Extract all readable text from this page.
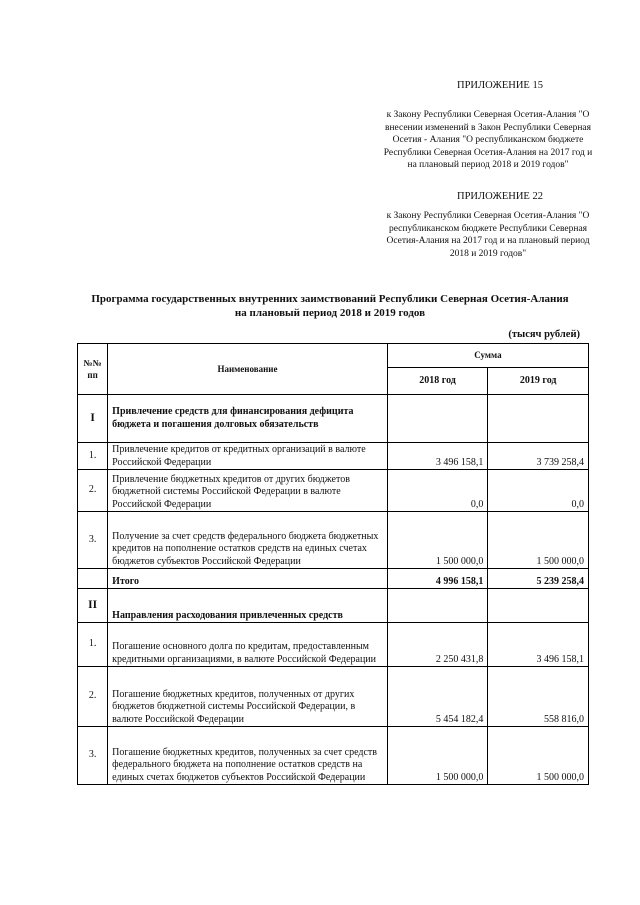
ПРИЛОЖЕНИЕ 15
к Закону Республики Северная Осетия-Алания "О внесении изменений в Закон Республики Северная Осетия - Алания "О республиканском бюджете Республики Северная Осетия-Алания на 2017 год и на плановый период 2018 и 2019 годов"
ПРИЛОЖЕНИЕ 22
к Закону Республики Северная Осетия-Алания "О республиканском бюджете Республики Северная Осетия-Алания на 2017 год и на плановый период 2018 и 2019 годов"
Программа государственных внутренних заимствований Республики Северная Осетия-Алания
на плановый период 2018 и 2019 годов
(тысяч рублей)
№№ пп	Наименование	Сумма	
		2018 год	2019 год
I	Привлечение средств для финансирования дефицита бюджета и погашения долговых обязательств		
1.	Привлечение кредитов от кредитных организаций в валюте Российской Федерации	3 496 158,1	3 739 258,4
2.	Привлечение бюджетных кредитов от других бюджетов бюджетной системы Российской Федерации в валюте Российской Федерации	0,0	0,0
3.	Получение за счет средств федерального бюджета бюджетных кредитов на пополнение остатков средств на единых счетах бюджетов субъектов Российской Федерации	1 500 000,0	1 500 000,0
	Итого	4 996 158,1	5 239 258,4
II	Направления расходования привлеченных средств		
1.	Погашение основного долга по кредитам, предоставленным кредитными организациями, в валюте Российской Федерации	2 250 431,8	3 496 158,1
2.	Погашение бюджетных кредитов, полученных от других бюджетов бюджетной системы Российской Федерации, в валюте Российской Федерации	5 454 182,4	558 816,0
3.	Погашение бюджетных кредитов, полученных за счет средств федерального бюджета на пополнение остатков средств на единых счетах бюджетов субъектов Российской Федерации	1 500 000,0	1 500 000,0
